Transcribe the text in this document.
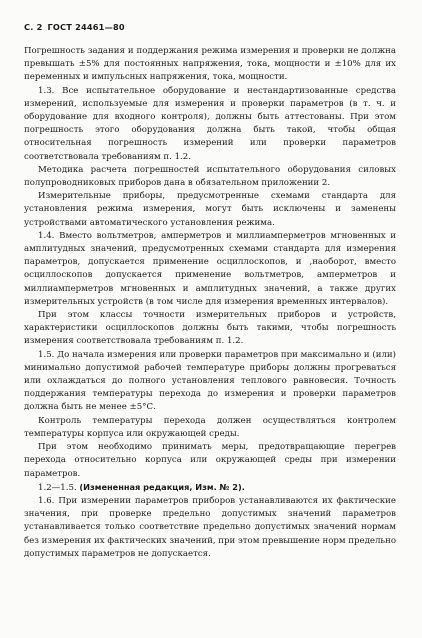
С. 2 ГОСТ 24461—80

Погрешность задания и поддержания режима измерения и проверки не должна превышать ±5% для постоянных напряжения, тока, мощности и ±10% для их переменных и импульсных напряжения, тока, мощности.

1.3. Все испытательное оборудование и нестандартизованные средства измерений, используемые для измерения и проверки параметров (в т. ч. и оборудование для входного контроля), должны быть аттестованы. При этом погрешность этого оборудования должна быть такой, чтобы общая относительная погрешность измерений или проверки параметров соответствовала требованиям п. 1.2.

Методика расчета погрешностей испытательного оборудования силовых полупроводниковых приборов дана в обязательном приложении 2.

Измерительные приборы, предусмотренные схемами стандарта для установления режима измерения, могут быть исключены и заменены устройствами автоматического установления режима.

1.4. Вместо вольтметров, амперметров и миллиамперметров мгновенных и амплитудных значений, предусмотренных схемами стандарта для измерения параметров, допускается применение осциллоскопов, и ,наоборот, вместо осциллоскопов допускается применение вольтметров, амперметров и миллиамперметров мгновенных и амплитудных значений, а также других измерительных устройств (в том числе для измерения временных интервалов).

При этом классы точности измерительных приборов и устройств, характеристики осциллоскопов должны быть такими, чтобы погрешность измерения соответствовала требованиям п. 1.2.

1.5. До начала измерения или проверки параметров при максимально и (или) минимально допустимой рабочей температуре приборы должны прогреваться или охлаждаться до полного установления теплового равновесия. Точность поддержания температуры перехода до измерения и проверки параметров должна быть не менее ±5°С.

Контроль температуры перехода должен осуществляться контролем температуры корпуса или окружающей среды.

При этом необходимо принимать меры, предотвращающие перегрев перехода относительно корпуса или окружающей среды при измерении параметров.

1.2—1.5. (Измененная редакция, Изм. № 2).

1.6. При измерении параметров приборов устанавливаются их фактические значения, при проверке предельно допустимых значений параметров устанавливается только соответствие предельно допустимых значений нормам без измерения их фактических значений, при этом превышение норм предельно допустимых параметров не допускается.
